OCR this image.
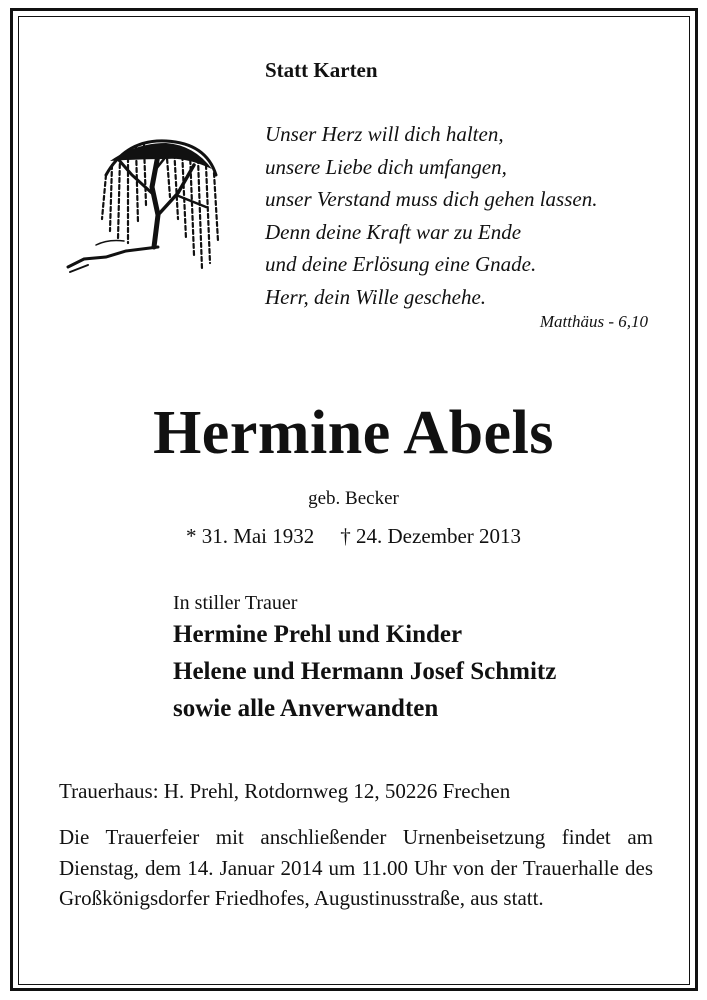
Statt Karten
Unser Herz will dich halten,
unsere Liebe dich umfangen,
unser Verstand muss dich gehen lassen.
Denn deine Kraft war zu Ende
und deine Erlösung eine Gnade.
Herr, dein Wille geschehe.
Matthäus - 6,10
Hermine Abels
geb. Becker
* 31. Mai 1932 † 24. Dezember 2013
In stiller Trauer
Hermine Prehl und Kinder
Helene und Hermann Josef Schmitz
sowie alle Anverwandten
Trauerhaus: H. Prehl, Rotdornweg 12, 50226 Frechen
Die Trauerfeier mit anschließender Urnenbeisetzung findet am Dienstag, dem 14. Januar 2014 um 11.00 Uhr von der Trauerhalle des Großkönigsdorfer Friedhofes, Augustinusstraße, aus statt.
